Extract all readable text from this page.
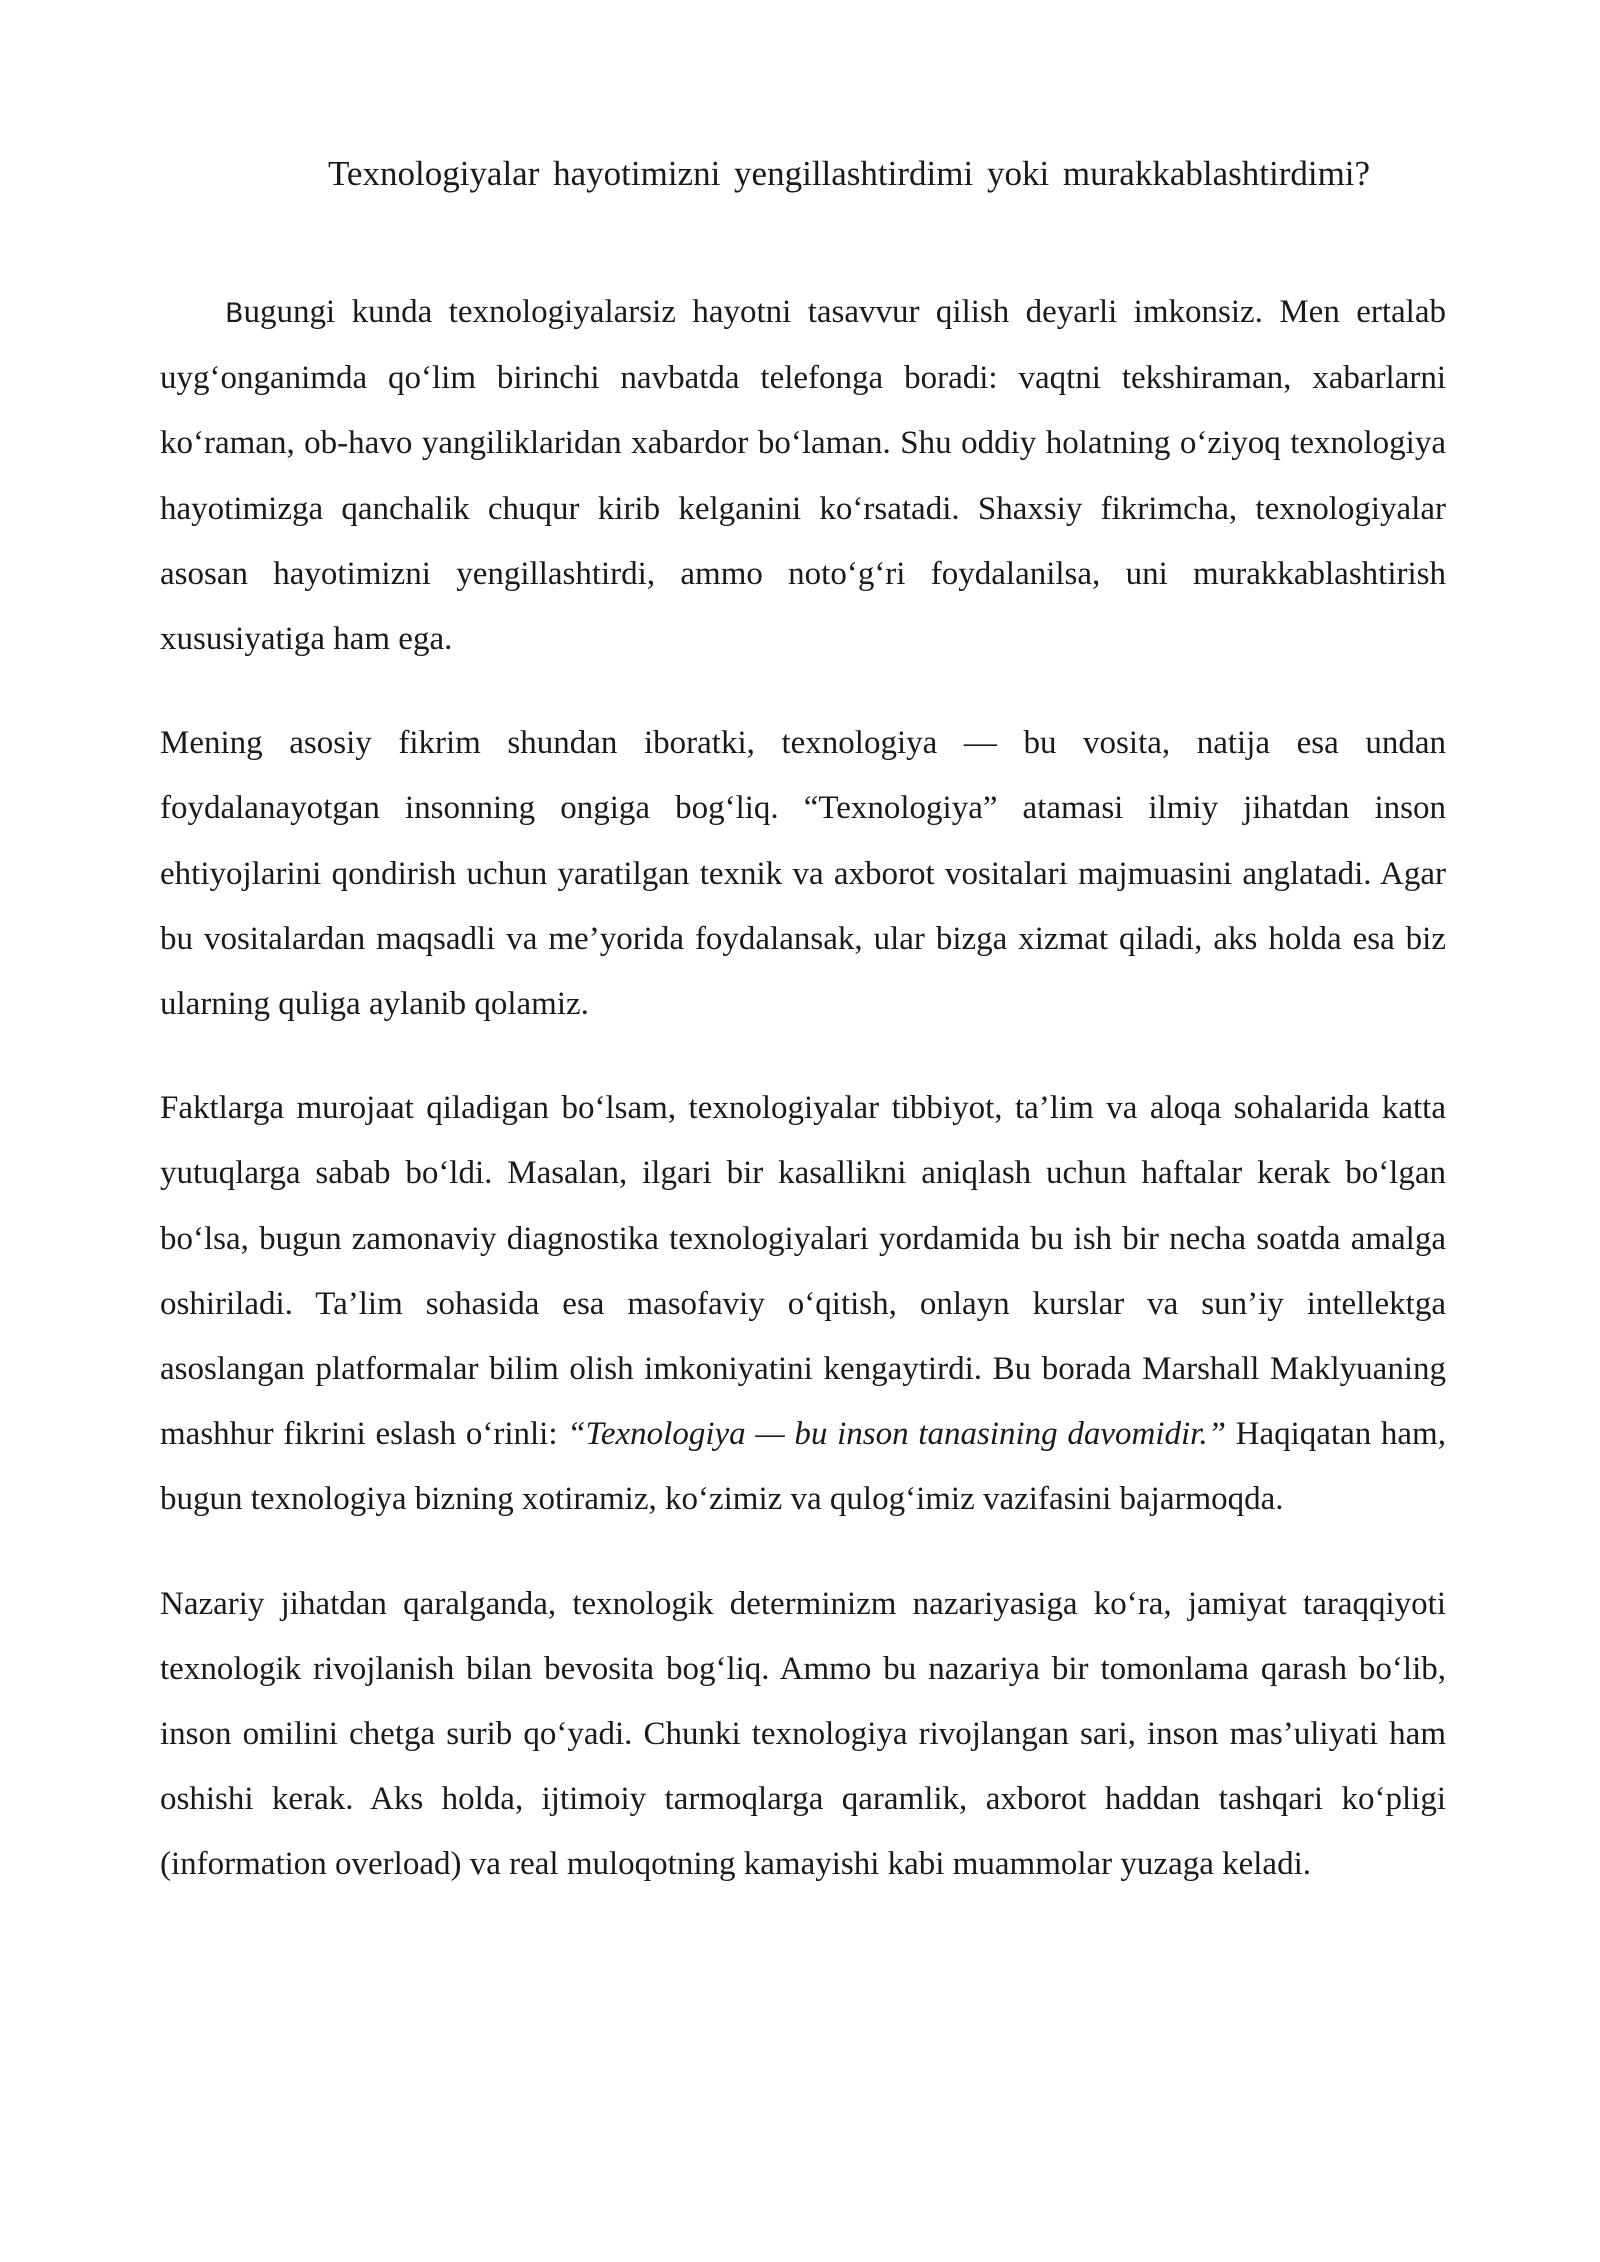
Texnologiyalar hayotimizni yengillashtirdimi yoki murakkablashtirdimi?

Bugungi kunda texnologiyalarsiz hayotni tasavvur qilish deyarli imkonsiz. Men ertalab uyg‘onganimda qo‘lim birinchi navbatda telefonga boradi: vaqtni tekshiraman, xabarlarni ko‘raman, ob-havo yangiliklaridan xabardor bo‘laman. Shu oddiy holatning o‘ziyoq texnologiya hayotimizga qanchalik chuqur kirib kelganini ko‘rsatadi. Shaxsiy fikrimcha, texnologiyalar asosan hayotimizni yengillashtirdi, ammo noto‘g‘ri foydalanilsa, uni murakkablashtirish xususiyatiga ham ega.

Mening asosiy fikrim shundan iboratki, texnologiya — bu vosita, natija esa undan foydalanayotgan insonning ongiga bog‘liq. “Texnologiya” atamasi ilmiy jihatdan inson ehtiyojlarini qondirish uchun yaratilgan texnik va axborot vositalari majmuasini anglatadi. Agar bu vositalardan maqsadli va me’yorida foydalansak, ular bizga xizmat qiladi, aks holda esa biz ularning quliga aylanib qolamiz.

Faktlarga murojaat qiladigan bo‘lsam, texnologiyalar tibbiyot, ta’lim va aloqa sohalarida katta yutuqlarga sabab bo‘ldi. Masalan, ilgari bir kasallikni aniqlash uchun haftalar kerak bo‘lgan bo‘lsa, bugun zamonaviy diagnostika texnologiyalari yordamida bu ish bir necha soatda amalga oshiriladi. Ta’lim sohasida esa masofaviy o‘qitish, onlayn kurslar va sun’iy intellektga asoslangan platformalar bilim olish imkoniyatini kengaytirdi. Bu borada Marshall Maklyuaning mashhur fikrini eslash o‘rinli: “Texnologiya — bu inson tanasining davomidir.” Haqiqatan ham, bugun texnologiya bizning xotiramiz, ko‘zimiz va qulog‘imiz vazifasini bajarmoqda.

Nazariy jihatdan qaralganda, texnologik determinizm nazariyasiga ko‘ra, jamiyat taraqqiyoti texnologik rivojlanish bilan bevosita bog‘liq. Ammo bu nazariya bir tomonlama qarash bo‘lib, inson omilini chetga surib qo‘yadi. Chunki texnologiya rivojlangan sari, inson mas’uliyati ham oshishi kerak. Aks holda, ijtimoiy tarmoqlarga qaramlik, axborot haddan tashqari ko‘pligi (information overload) va real muloqotning kamayishi kabi muammolar yuzaga keladi.
